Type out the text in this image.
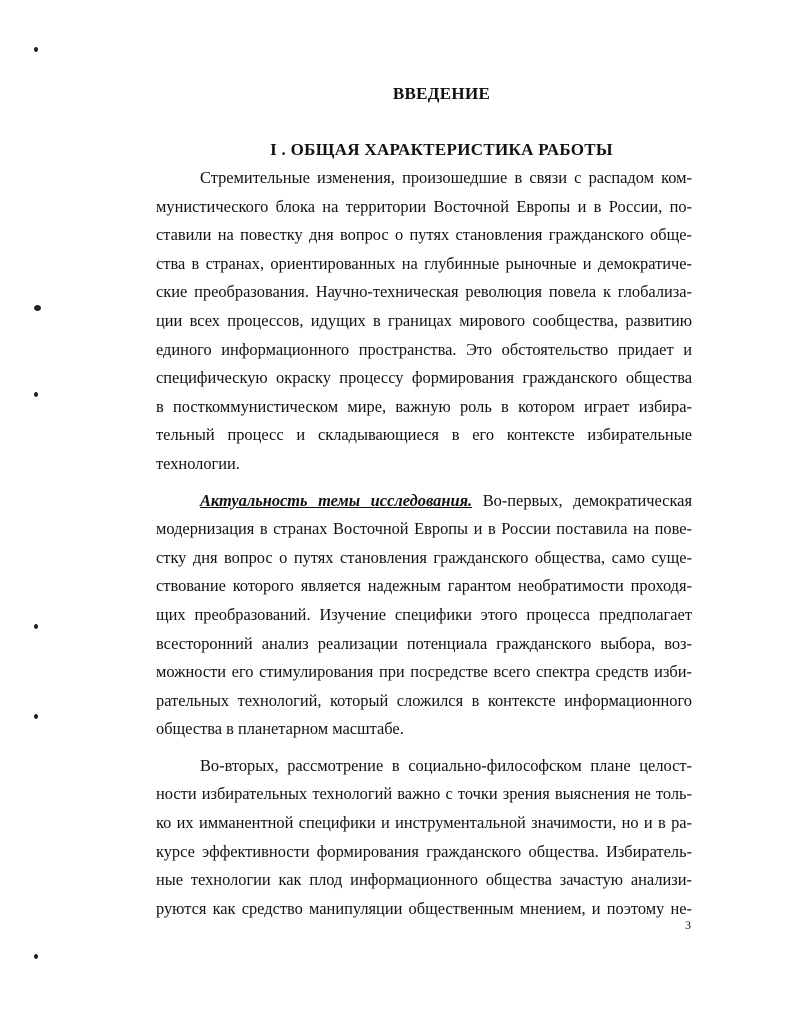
ВВЕДЕНИЕ
I . ОБЩАЯ ХАРАКТЕРИСТИКА РАБОТЫ
Стремительные изменения, произошедшие в связи с распадом ком-
мунистического блока на территории Восточной Европы и в России, по-
ставили на повестку дня вопрос о путях становления гражданского обще-
ства в странах, ориентированных на глубинные рыночные и демократиче-
ские преобразования. Научно-техническая революция повела к глобализа-
ции всех процессов, идущих в границах мирового сообщества, развитию
единого информационного пространства. Это обстоятельство придает и
специфическую окраску процессу формирования гражданского общества
в посткоммунистическом мире, важную роль в котором играет избира-
тельный процесс и складывающиеся в его контексте избирательные
технологии.
Актуальность темы исследования. Во-первых, демократическая
модернизация в странах Восточной Европы и в России поставила на пове-
стку дня вопрос о путях становления гражданского общества, само суще-
ствование которого является надежным гарантом необратимости проходя-
щих преобразований. Изучение специфики этого процесса предполагает
всесторонний анализ реализации потенциала гражданского выбора, воз-
можности его стимулирования при посредстве всего спектра средств изби-
рательных технологий, который сложился в контексте информационного
общества в планетарном масштабе.
Во-вторых, рассмотрение в социально-философском плане целост-
ности избирательных технологий важно с точки зрения выяснения не толь-
ко их имманентной специфики и инструментальной значимости, но и в ра-
курсе эффективности формирования гражданского общества. Избиратель-
ные технологии как плод информационного общества зачастую анализи-
руются как средство манипуляции общественным мнением, и поэтому не-
3
